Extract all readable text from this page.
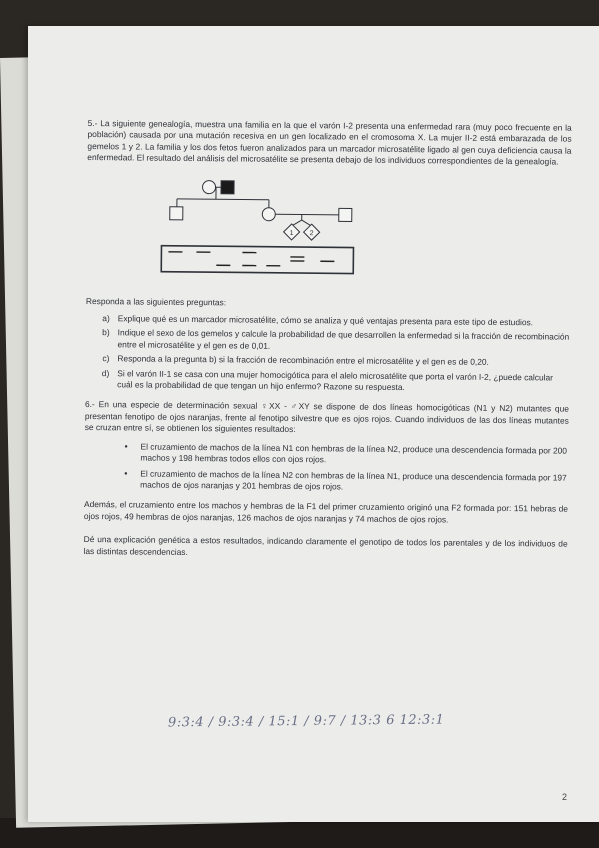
5.- La siguiente genealogía, muestra una familia en la que el varón I-2 presenta una enfermedad rara (muy poco frecuente en la población) causada por una mutación recesiva en un gen localizado en el cromosoma X. La mujer II-2 está embarazada de los gemelos 1 y 2. La familia y los dos fetos fueron analizados para un marcador microsatélite ligado al gen cuya deficiencia causa la enfermedad. El resultado del análisis del microsatélite se presenta debajo de los individuos correspondientes de la genealogía.

1 2

Responda a las siguientes preguntas:

a) Explique qué es un marcador microsatélite, cómo se analiza y qué ventajas presenta para este tipo de estudios.
b) Indique el sexo de los gemelos y calcule la probabilidad de que desarrollen la enfermedad si la fracción de recombinación entre el microsatélite y el gen es de 0,01.
c) Responda a la pregunta b) si la fracción de recombinación entre el microsatélite y el gen es de 0,20.
d) Si el varón II-1 se casa con una mujer homocigótica para el alelo microsatélite que porta el varón I-2, ¿puede calcular cuál es la probabilidad de que tengan un hijo enfermo? Razone su respuesta.

6.- En una especie de determinación sexual ♀XX - ♂XY se dispone de dos líneas homocigóticas (N1 y N2) mutantes que presentan fenotipo de ojos naranjas, frente al fenotipo silvestre que es ojos rojos. Cuando individuos de las dos líneas mutantes se cruzan entre sí, se obtienen los siguientes resultados:

•	El cruzamiento de machos de la línea N1 con hembras de la línea N2, produce una descendencia formada por 200 machos y 198 hembras todos ellos con ojos rojos.
•	El cruzamiento de machos de la línea N2 con hembras de la línea N1, produce una descendencia formada por 197 machos de ojos naranjas y 201 hembras de ojos rojos.

Además, el cruzamiento entre los machos y hembras de la F1 del primer cruzamiento originó una F2 formada por: 151 hebras de ojos rojos, 49 hembras de ojos naranjas, 126 machos de ojos naranjas y 74 machos de ojos rojos.

Dé una explicación genética a estos resultados, indicando claramente el genotipo de todos los parentales y de los individuos de las distintas descendencias.

9:3:4 / 9:3:4 / 15:1 / 9:7 / 13:3 6 12:3:1
2
